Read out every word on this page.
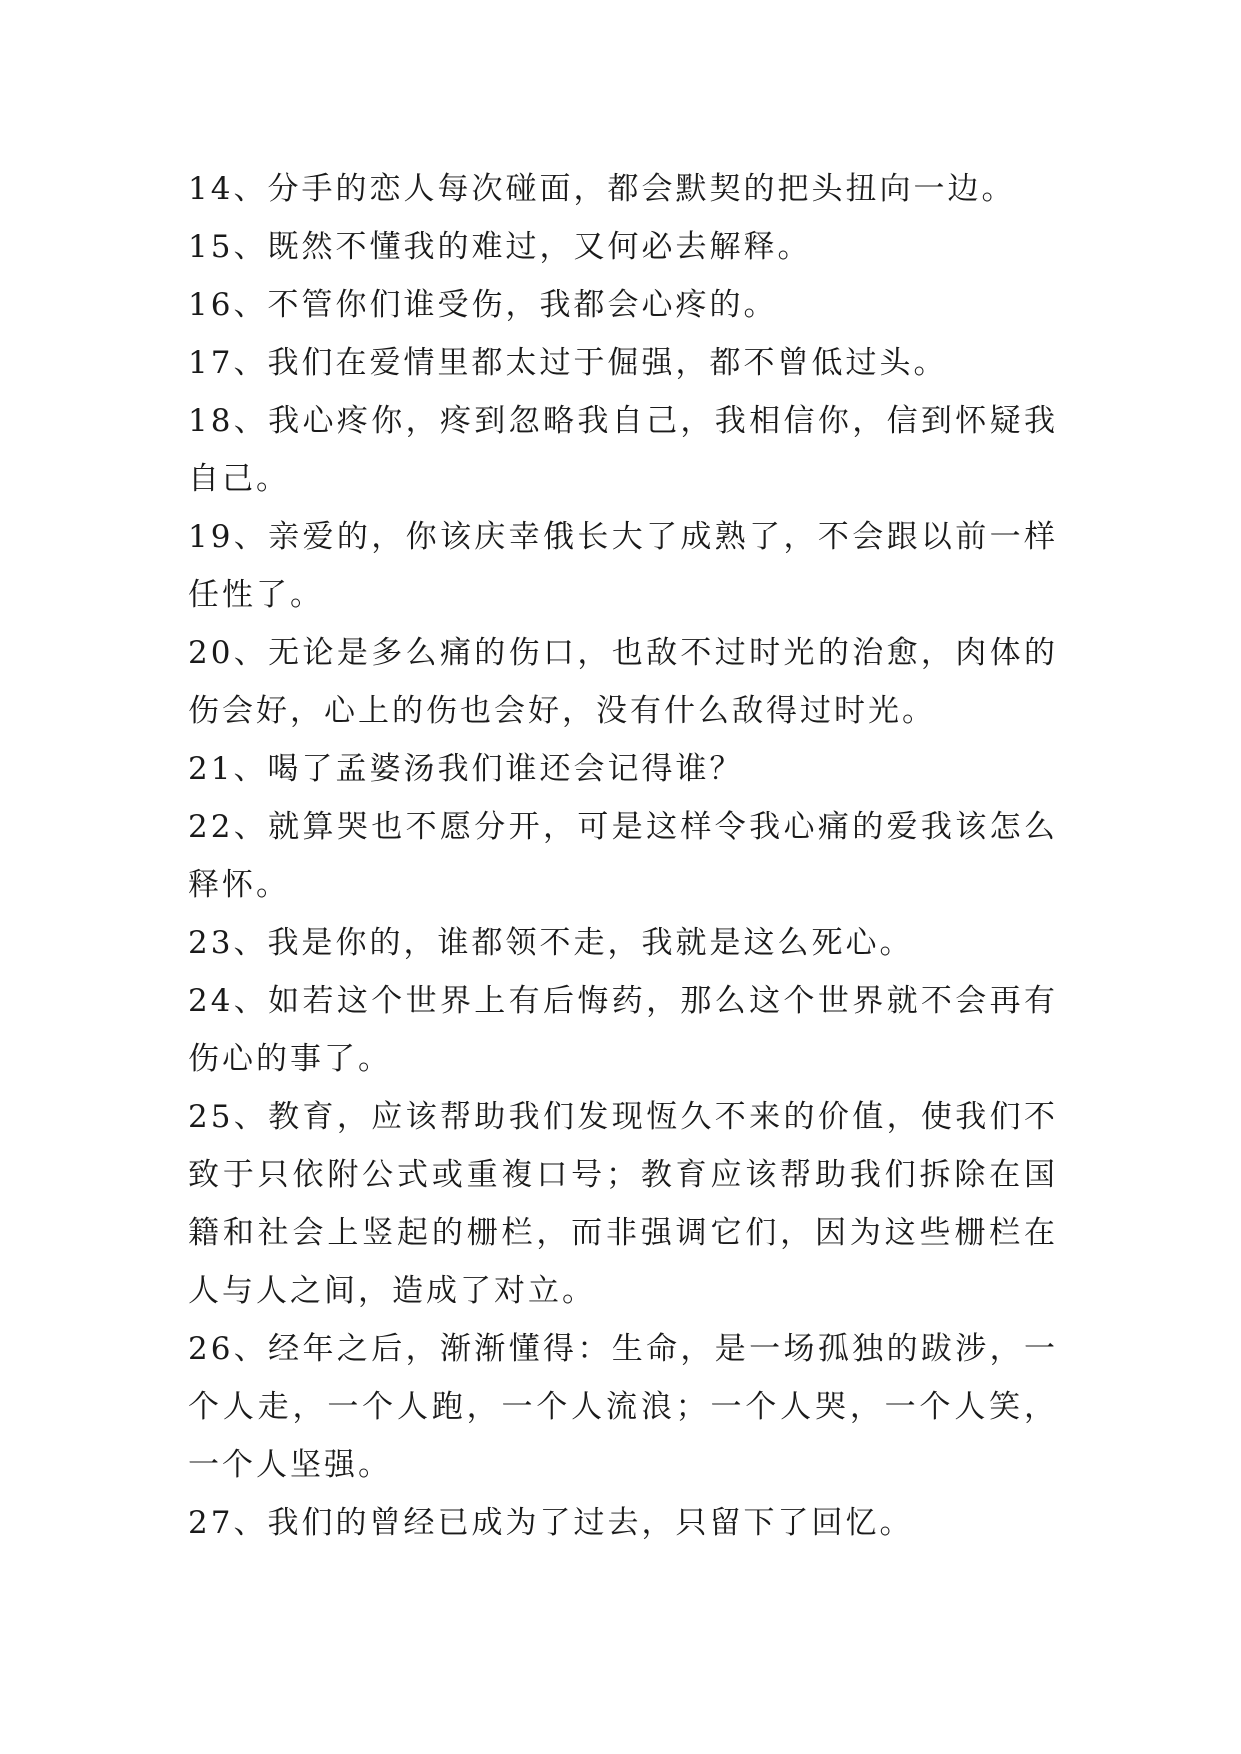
14、分手的恋人每次碰面，都会默契的把头扭向一边。

15、既然不懂我的难过，又何必去解释。

16、不管你们谁受伤，我都会心疼的。

17、我们在爱情里都太过于倔强，都不曾低过头。

18、我心疼你，疼到忽略我自己，我相信你，信到怀疑我自己。

19、亲爱的，你该庆幸俄长大了成熟了，不会跟以前一样任性了。

20、无论是多么痛的伤口，也敌不过时光的治愈，肉体的伤会好，心上的伤也会好，没有什么敌得过时光。

21、喝了孟婆汤我们谁还会记得谁？

22、就算哭也不愿分开，可是这样令我心痛的爱我该怎么释怀。

23、我是你的，谁都领不走，我就是这么死心。

24、如若这个世界上有后悔药，那么这个世界就不会再有伤心的事了。

25、教育，应该帮助我们发现恆久不来的价值，使我们不致于只依附公式或重複口号；教育应该帮助我们拆除在国籍和社会上竖起的栅栏，而非强调它们，因为这些栅栏在人与人之间，造成了对立。

26、经年之后，渐渐懂得：生命，是一场孤独的跋涉，一个人走，一个人跑，一个人流浪；一个人哭，一个人笑，一个人坚强。

27、我们的曾经已成为了过去，只留下了回忆。
